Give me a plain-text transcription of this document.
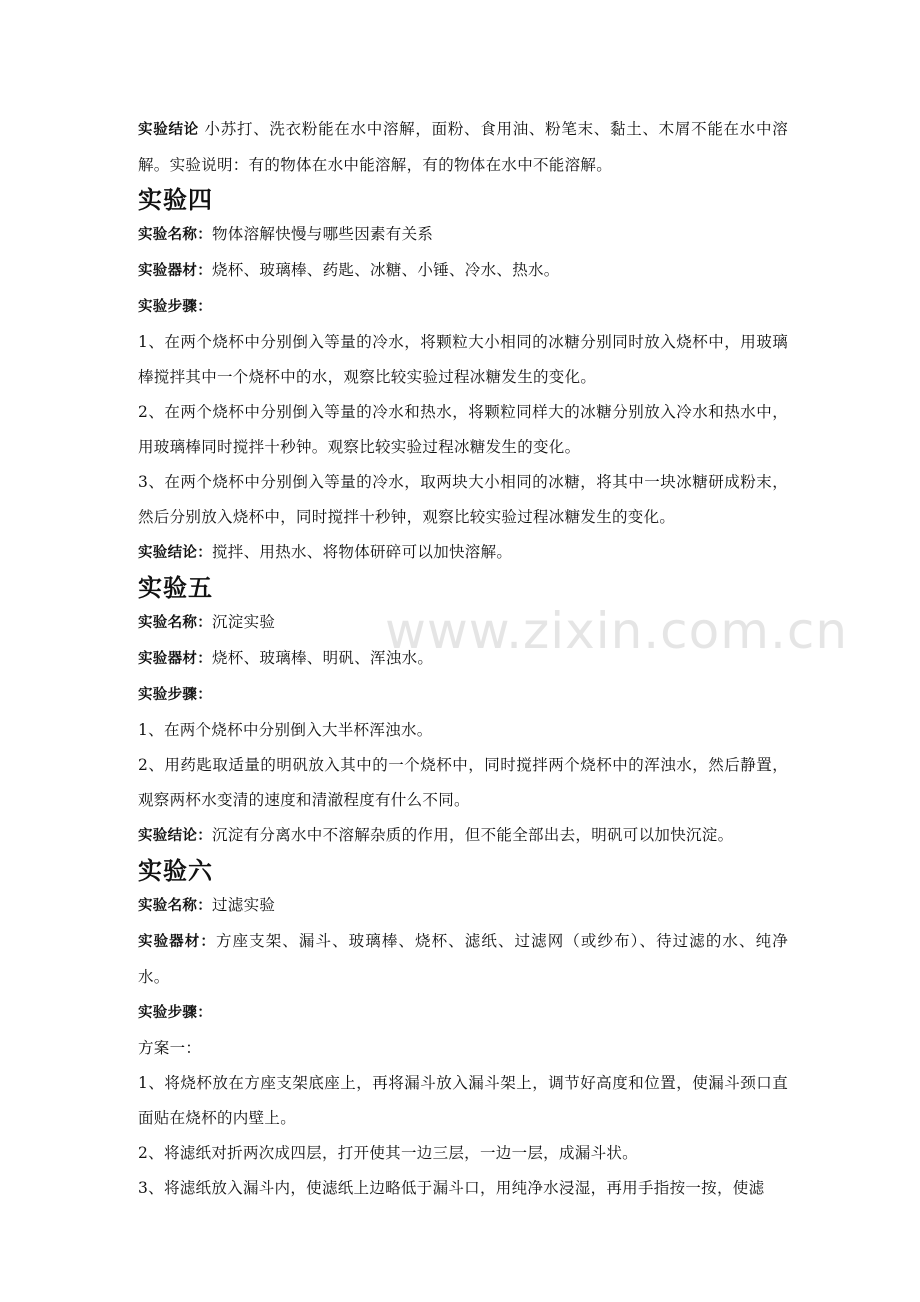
www.zixin.com.cn

实验结论 小苏打、洗衣粉能在水中溶解，面粉、食用油、粉笔末、黏土、木屑不能在水中溶解。实验说明：有的物体在水中能溶解，有的物体在水中不能溶解。

实验四

实验名称：物体溶解快慢与哪些因素有关系

实验器材：烧杯、玻璃棒、药匙、冰糖、小锤、冷水、热水。

实验步骤：

1、在两个烧杯中分别倒入等量的冷水，将颗粒大小相同的冰糖分别同时放入烧杯中，用玻璃棒搅拌其中一个烧杯中的水，观察比较实验过程冰糖发生的变化。

2、在两个烧杯中分别倒入等量的冷水和热水，将颗粒同样大的冰糖分别放入冷水和热水中，用玻璃棒同时搅拌十秒钟。观察比较实验过程冰糖发生的变化。

3、在两个烧杯中分别倒入等量的冷水，取两块大小相同的冰糖，将其中一块冰糖研成粉末，然后分别放入烧杯中，同时搅拌十秒钟，观察比较实验过程冰糖发生的变化。

实验结论：搅拌、用热水、将物体研碎可以加快溶解。

实验五

实验名称：沉淀实验

实验器材：烧杯、玻璃棒、明矾、浑浊水。

实验步骤：

1、在两个烧杯中分别倒入大半杯浑浊水。

2、用药匙取适量的明矾放入其中的一个烧杯中，同时搅拌两个烧杯中的浑浊水，然后静置，观察两杯水变清的速度和清澈程度有什么不同。

实验结论：沉淀有分离水中不溶解杂质的作用，但不能全部出去，明矾可以加快沉淀。

实验六

实验名称：过滤实验

实验器材：方座支架、漏斗、玻璃棒、烧杯、滤纸、过滤网（或纱布）、待过滤的水、纯净水。

实验步骤：

方案一：

1、将烧杯放在方座支架底座上，再将漏斗放入漏斗架上，调节好高度和位置，使漏斗颈口直面贴在烧杯的内壁上。

2、将滤纸对折两次成四层，打开使其一边三层，一边一层，成漏斗状。

3、将滤纸放入漏斗内，使滤纸上边略低于漏斗口，用纯净水浸湿，再用手指按一按，使滤
